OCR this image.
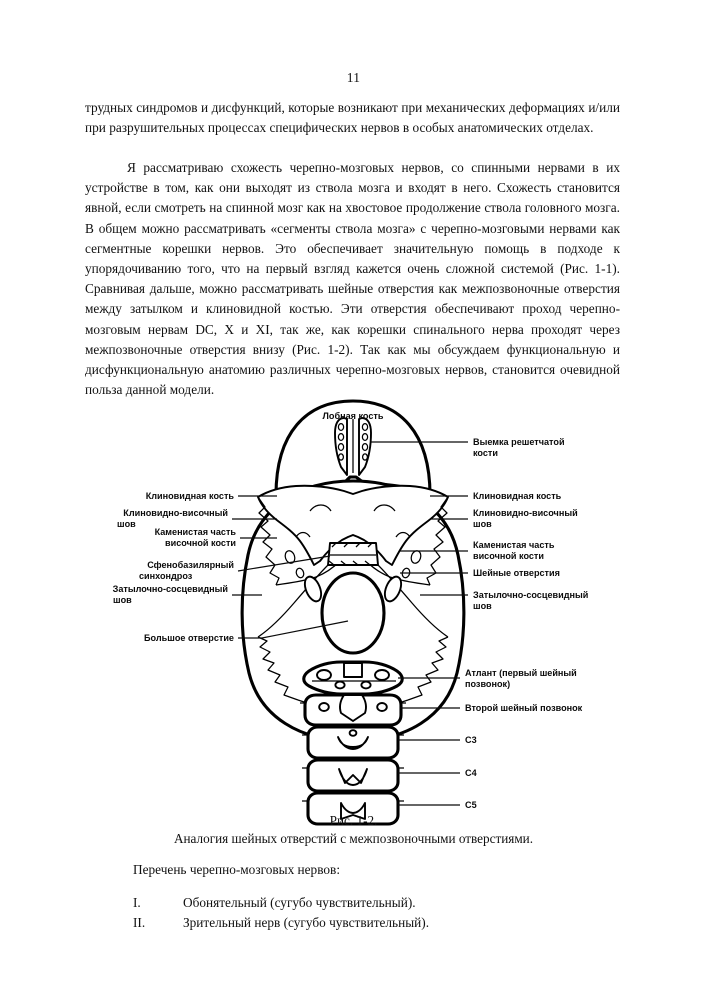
11
трудных синдромов и дисфункций, которые возникают при механических деформациях и/или при разрушительных процессах специфических нервов в особых анатомических отделах.
Я рассматриваю схожесть черепно-мозговых нервов, со спинными нервами в их устройстве в том, как они выходят из ствола мозга и входят в него. Схожесть становится явной, если смотреть на спинной мозг как на хвостовое продолжение ствола головного мозга. В общем можно рассматривать «сегменты ствола мозга» с черепно-мозговыми нервами как сегментные корешки нервов. Это обеспечивает значительную помощь в подходе к упорядочиванию того, что на первый взгляд кажется очень сложной системой (Рис. 1-1). Сравнивая дальше, можно рассматривать шейные отверстия как межпозвоночные отверстия между затылком и клиновидной костью. Эти отверстия обеспечивают проход черепно-мозговым нервам DC, X и XI, так же, как корешки спинального нерва проходят через межпозвоночные отверстия внизу (Рис. 1-2). Так как мы обсуждаем функциональную и дисфункциональную анатомию различных черепно-мозговых нервов, становится очевидной польза данной модели.
Лобная кость
Клиновидная кость
Клиновидно-височный
шов
Каменистая часть
височной кости
Сфенобазилярный
синхондроз
Затылочно-сосцевидный
шов
Большое отверстие
Выемка решетчатой
кости
Клиновидная кость
Клиновидно-височный
шов
Каменистая часть
височной кости
Шейные отверстия
Затылочно-сосцевидный
шов
Атлант (первый шейный
позвонок)
Второй шейный позвонок
C3
C4
C5
Рис. 1-2.
Аналогия шейных отверстий с межпозвоночными отверстиями.
Перечень черепно-мозговых нервов:
I.	Обонятельный (сугубо чувствительный).
II.	Зрительный нерв (сугубо чувствительный).
